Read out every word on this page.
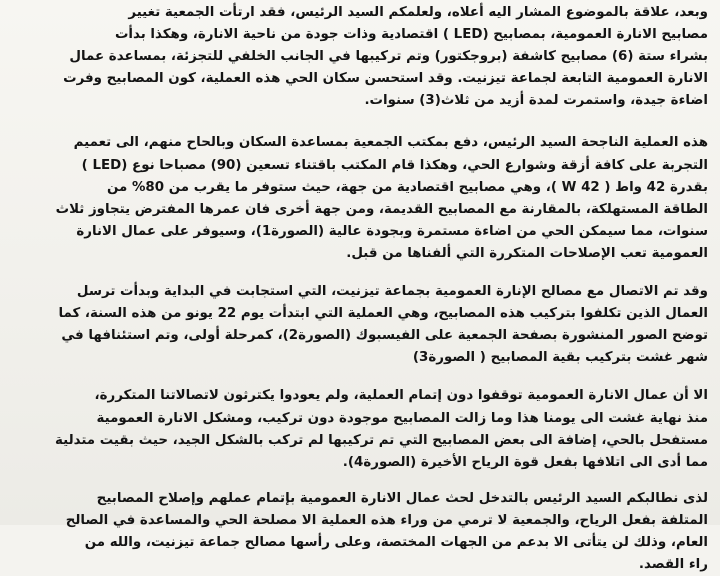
وبعد، علاقة بالموضوع المشار اليه أعلاه، ولعلمكم السيد الرئيس، فقد ارتأت الجمعية تغيير
مصابيح الانارة العمومية، بمصابيح (LED ) اقتصادية وذات جودة من ناحية الانارة، وهكذا بدأت
بشراء ستة (6) مصابيح كاشفة (بروجكتور) وتم تركيبها في الجانب الخلفي للتجزئة، بمساعدة عمال
الانارة العمومية التابعة لجماعة تيزنيت. وقد استحسن سكان الحي هذه العملية، كون المصابيح وفرت
اضاءة جيدة، واستمرت لمدة أزيد من ثلاث(3) سنوات.

هذه العملية الناجحة السيد الرئيس، دفع بمكتب الجمعية بمساعدة السكان وبالحاح منهم، الى تعميم
التجربة على كافة أزقة وشوارع الحي، وهكذا قام المكتب باقتناء تسعين (90) مصباحا نوع (LED )
بقدرة 42 واط ( 42 W )، وهي مصابيح اقتصادية من جهة، حيث ستوفر ما يقرب من 80% من
الطاقة المستهلكة، بالمقارنة مع المصابيح القديمة، ومن جهة أخرى فان عمرها المفترض يتجاوز ثلاث
سنوات، مما سيمكن الحي من اضاءة مستمرة وبجودة عالية (الصورة1)، وسيوفر على عمال الانارة
العمومية تعب الإصلاحات المتكررة التي ألفناها من قبل.

وقد تم الاتصال مع مصالح الإنارة العمومية بجماعة تيزنيت، التي استجابت في البداية وبدأت ترسل
العمال الذين تكلفوا بتركيب هذه المصابيح، وهي العملية التي ابتدأت يوم 22 يونو من هذه السنة، كما
توضح الصور المنشورة بصفحة الجمعية على الفيسبوك (الصورة2)، كمرحلة أولى، وتم استئنافها في
شهر غشت بتركيب بقية المصابيح ( الصورة3)

الا أن عمال الانارة العمومية توقفوا دون إتمام العملية، ولم يعودوا يكترثون لاتصالاتنا المتكررة،
منذ نهاية غشت الى يومنا هذا وما زالت المصابيح موجودة دون تركيب، ومشكل الانارة العمومية
مستفحل بالحي، إضافة الى بعض المصابيح التي تم تركيبها لم تركب بالشكل الجيد، حيث بقيت متدلية
مما أدى الى اتلافها بفعل قوة الرياح الأخيرة (الصورة4).

لذى نطالبكم السيد الرئيس بالتدخل لحث عمال الانارة العمومية بإتمام عملهم وإصلاح المصابيح
المتلفة بفعل الرياح، والجمعية لا ترمي من وراء هذه العملية الا مصلحة الحي والمساعدة في الصالح
العام، وذلك لن يتأتى الا بدعم من الجهات المختصة، وعلى رأسها مصالح جماعة تيزنيت، والله من
راء القصد.
